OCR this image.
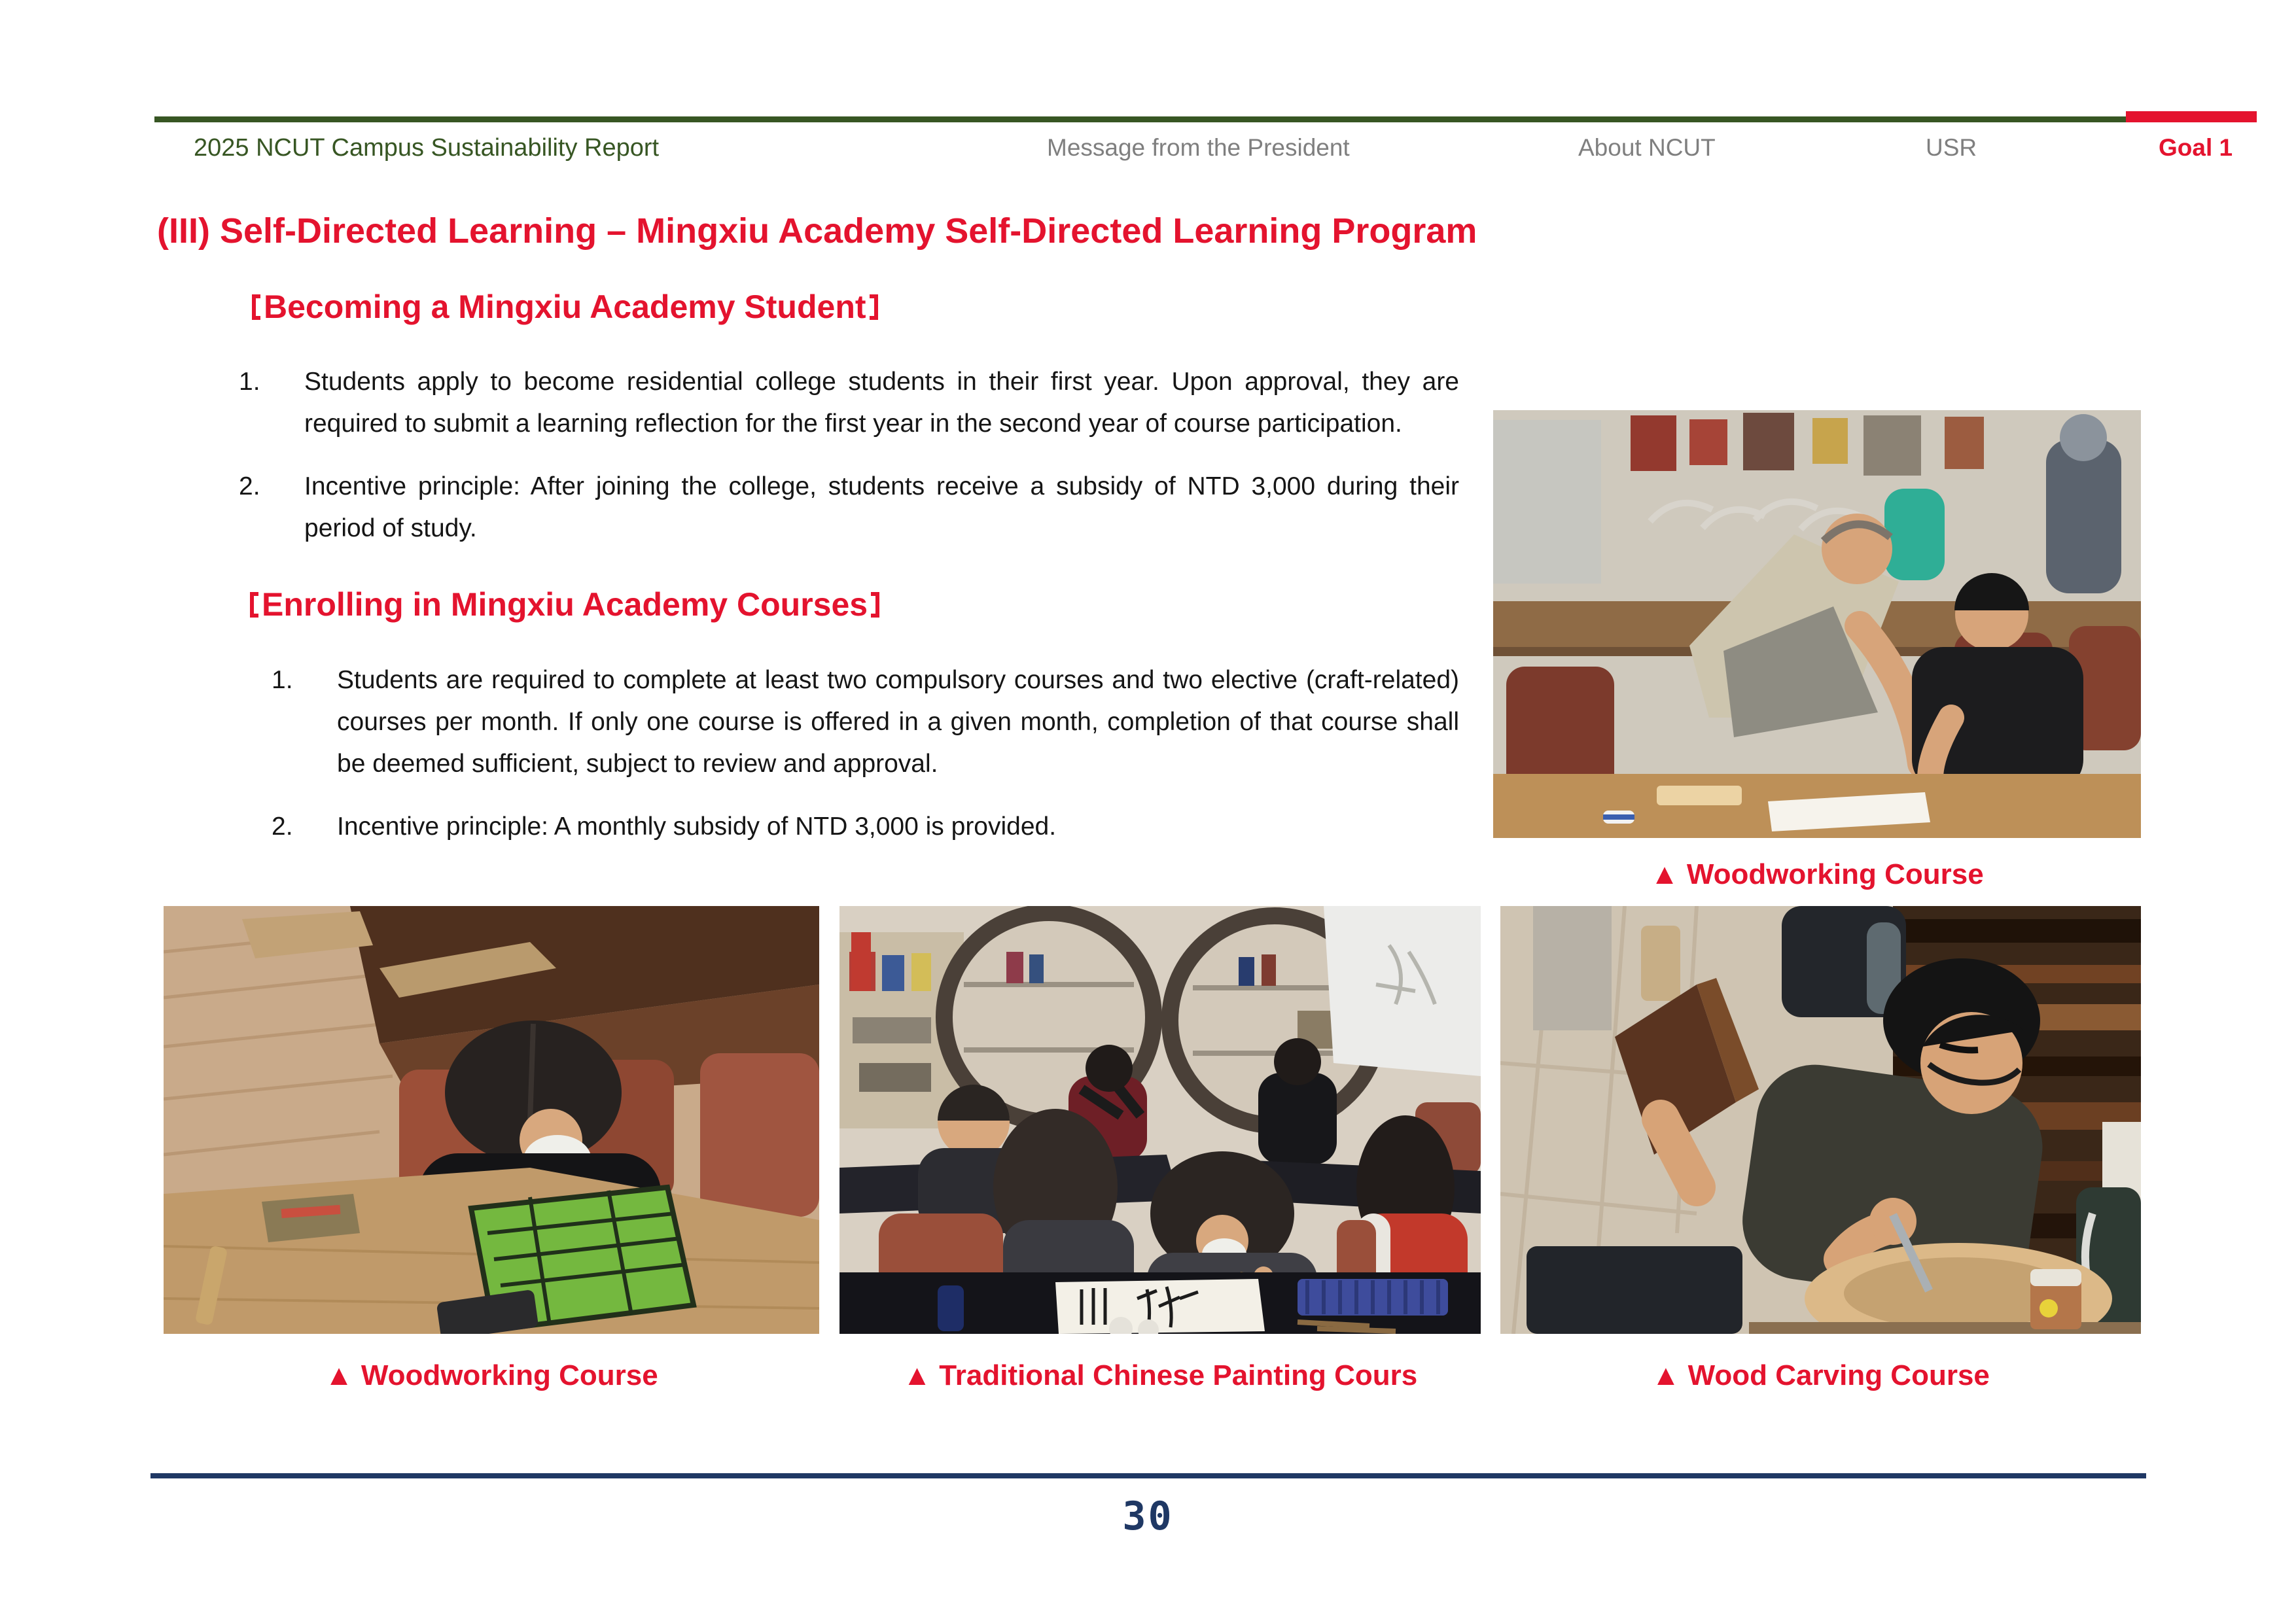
2025 NCUT Campus Sustainability Report	Message from the President	About NCUT	USR	Goal 1
(III) Self-Directed Learning – Mingxiu Academy Self-Directed Learning Program
Becoming a Mingxiu Academy Student
1.	Students apply to become residential college students in their first year. Upon approval, they are required to submit a learning reflection for the first year in the second year of course participation.
2.	Incentive principle: After joining the college, students receive a subsidy of NTD 3,000 during their period of study.
Enrolling in Mingxiu Academy Courses
1.	Students are required to complete at least two compulsory courses and two elective (craft-related) courses per month. If only one course is offered in a given month, completion of that course shall be deemed sufficient, subject to review and approval.
2.	Incentive principle: A monthly subsidy of NTD 3,000 is provided.
▲ Woodworking Course
▲ Woodworking Course	▲ Traditional Chinese Painting Cours	▲ Wood Carving Course
30
